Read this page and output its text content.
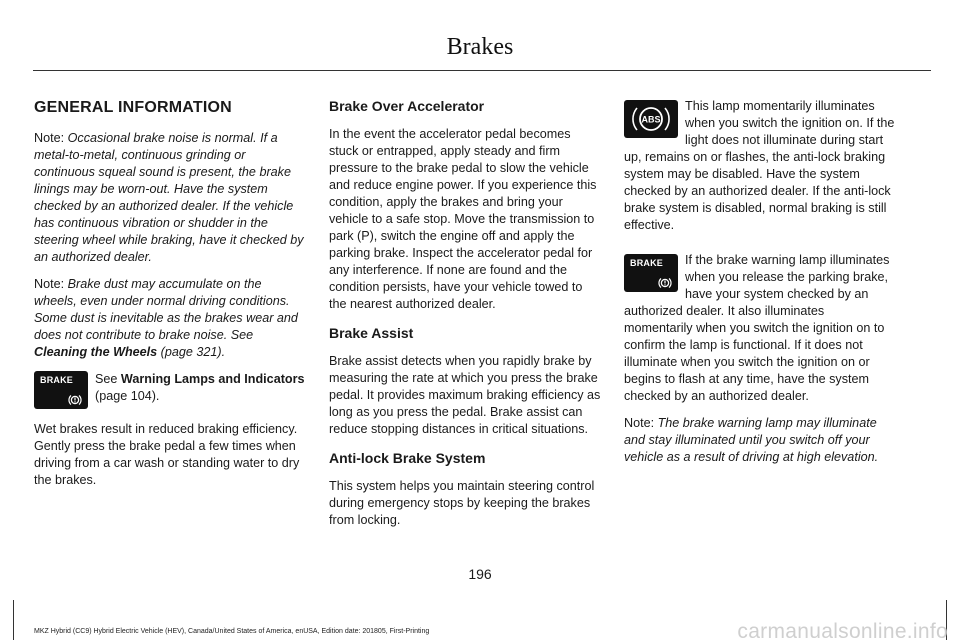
Brakes
GENERAL INFORMATION

Note: Occasional brake noise is normal. If a metal-to-metal, continuous grinding or continuous squeal sound is present, the brake linings may be worn-out. Have the system checked by an authorized dealer. If the vehicle has continuous vibration or shudder in the steering wheel while braking, have it checked by an authorized dealer.

Note: Brake dust may accumulate on the wheels, even under normal driving conditions. Some dust is inevitable as the brakes wear and does not contribute to brake noise. See Cleaning the Wheels (page 321).

BRAKE See Warning Lamps and Indicators (page 104).

Wet brakes result in reduced braking efficiency. Gently press the brake pedal a few times when driving from a car wash or standing water to dry the brakes.

Brake Over Accelerator

In the event the accelerator pedal becomes stuck or entrapped, apply steady and firm pressure to the brake pedal to slow the vehicle and reduce engine power. If you experience this condition, apply the brakes and bring your vehicle to a safe stop. Move the transmission to park (P), switch the engine off and apply the parking brake. Inspect the accelerator pedal for any interference. If none are found and the condition persists, have your vehicle towed to the nearest authorized dealer.

Brake Assist

Brake assist detects when you rapidly brake by measuring the rate at which you press the brake pedal. It provides maximum braking efficiency as long as you press the pedal. Brake assist can reduce stopping distances in critical situations.

Anti-lock Brake System

This system helps you maintain steering control during emergency stops by keeping the brakes from locking.

ABS

This lamp momentarily illuminates when you switch the ignition on. If the light does not illuminate during start up, remains on or flashes, the anti-lock braking system may be disabled. Have the system checked by an authorized dealer. If the anti-lock brake system is disabled, normal braking is still effective.

BRAKE	If the brake warning lamp illuminates when you release the parking brake, have your system checked by an authorized dealer. It also illuminates momentarily when you switch the ignition on to confirm the lamp is functional. If it does not illuminate when you switch the ignition on or begins to flash at any time, have the system checked by an authorized dealer.

Note: The brake warning lamp may illuminate and stay illuminated until you switch off your vehicle as a result of driving at high elevation.

196
MKZ Hybrid (CC9) Hybrid Electric Vehicle (HEV), Canada/United States of America, enUSA, Edition date: 201805, First-Printing	carmanualsonline.info
